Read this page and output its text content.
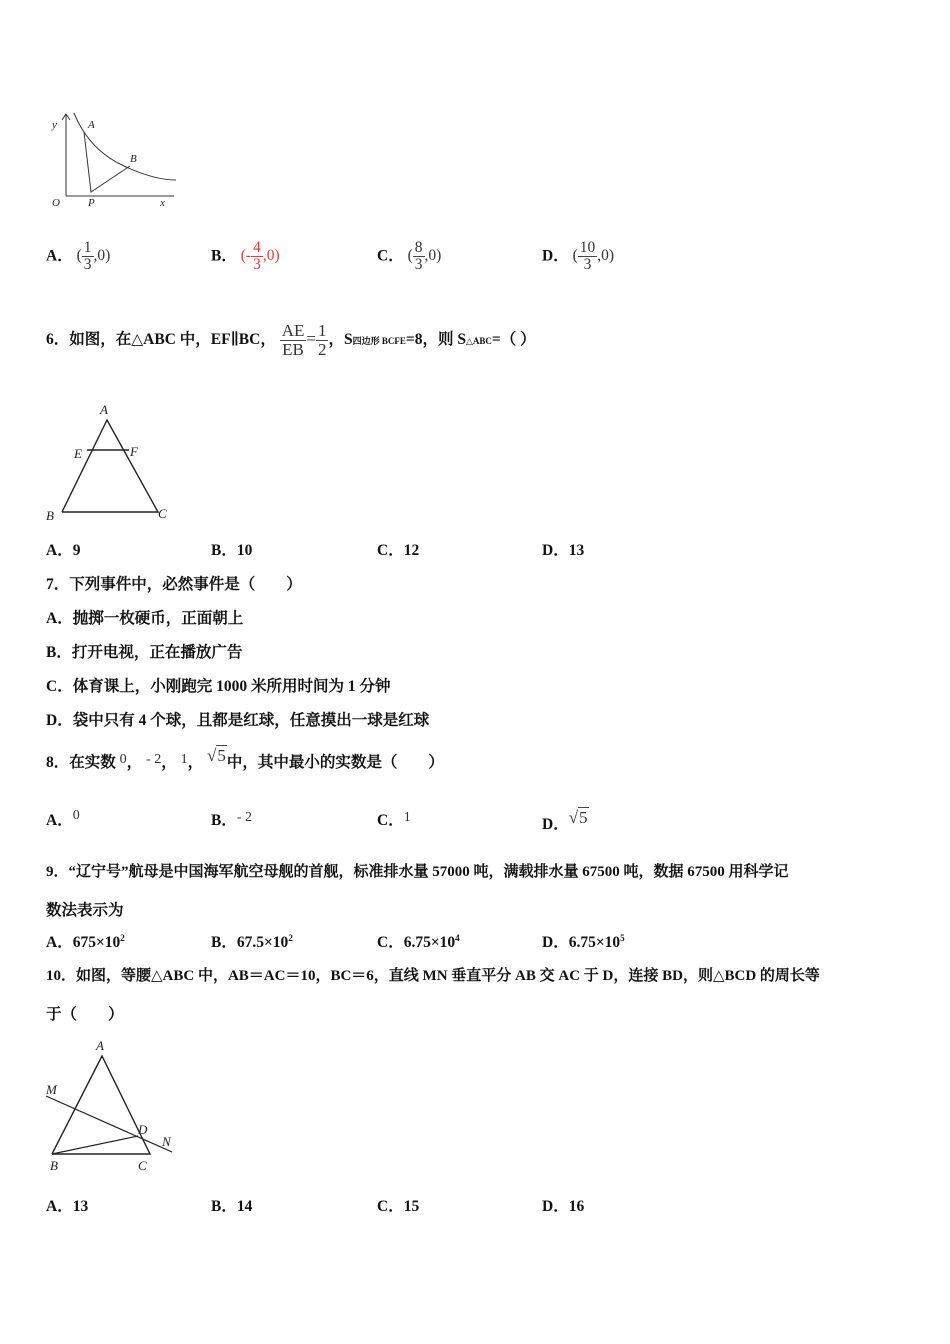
y	A
B
O	P	x
A． ( $\frac{1}{3} ,0$)	B． (- $\frac{4}{3} ,0$)	C． ( $\frac{8}{3} ,0$)	D． ( $\frac{10}{3} ,0$)
6．如图，在△ABC 中，EF∥BC， $\frac{AE}{EB} = \frac{1}{2}$ ，S四边形 BCFE=8，则 S△ABC=（ ）
A
E	F
B	C
A．9	B．10	C．12	D．13
7．下列事件中，必然事件是（　　）
A．抛掷一枚硬币，正面朝上
B．打开电视，正在播放广告
C．体育课上，小刚跑完 1000 米所用时间为 1 分钟
D．袋中只有 4 个球，且都是红球，任意摸出一球是红球
8．在实数 0， - 2， 1， √5中，其中最小的实数是（　　）
A．0	B．- 2	C．1	D．√5
9．“辽宁号”航母是中国海军航空母舰的首舰，标准排水量 57000 吨，满载排水量 67500 吨，数据 67500 用科学记
数法表示为
A．$675\times 10^2$	B．$67.5\times 10^2$	C．$6.75\times 10^4$	D．$6.75\times 10^5$
10．如图，等腰△ABC 中，AB＝AC＝10，BC＝6，直线 MN 垂直平分 AB 交 AC 于 D，连接 BD，则△BCD 的周长等
于（　　）
A
M
D
N
B	C
A．13	B．14	C．15	D．16
